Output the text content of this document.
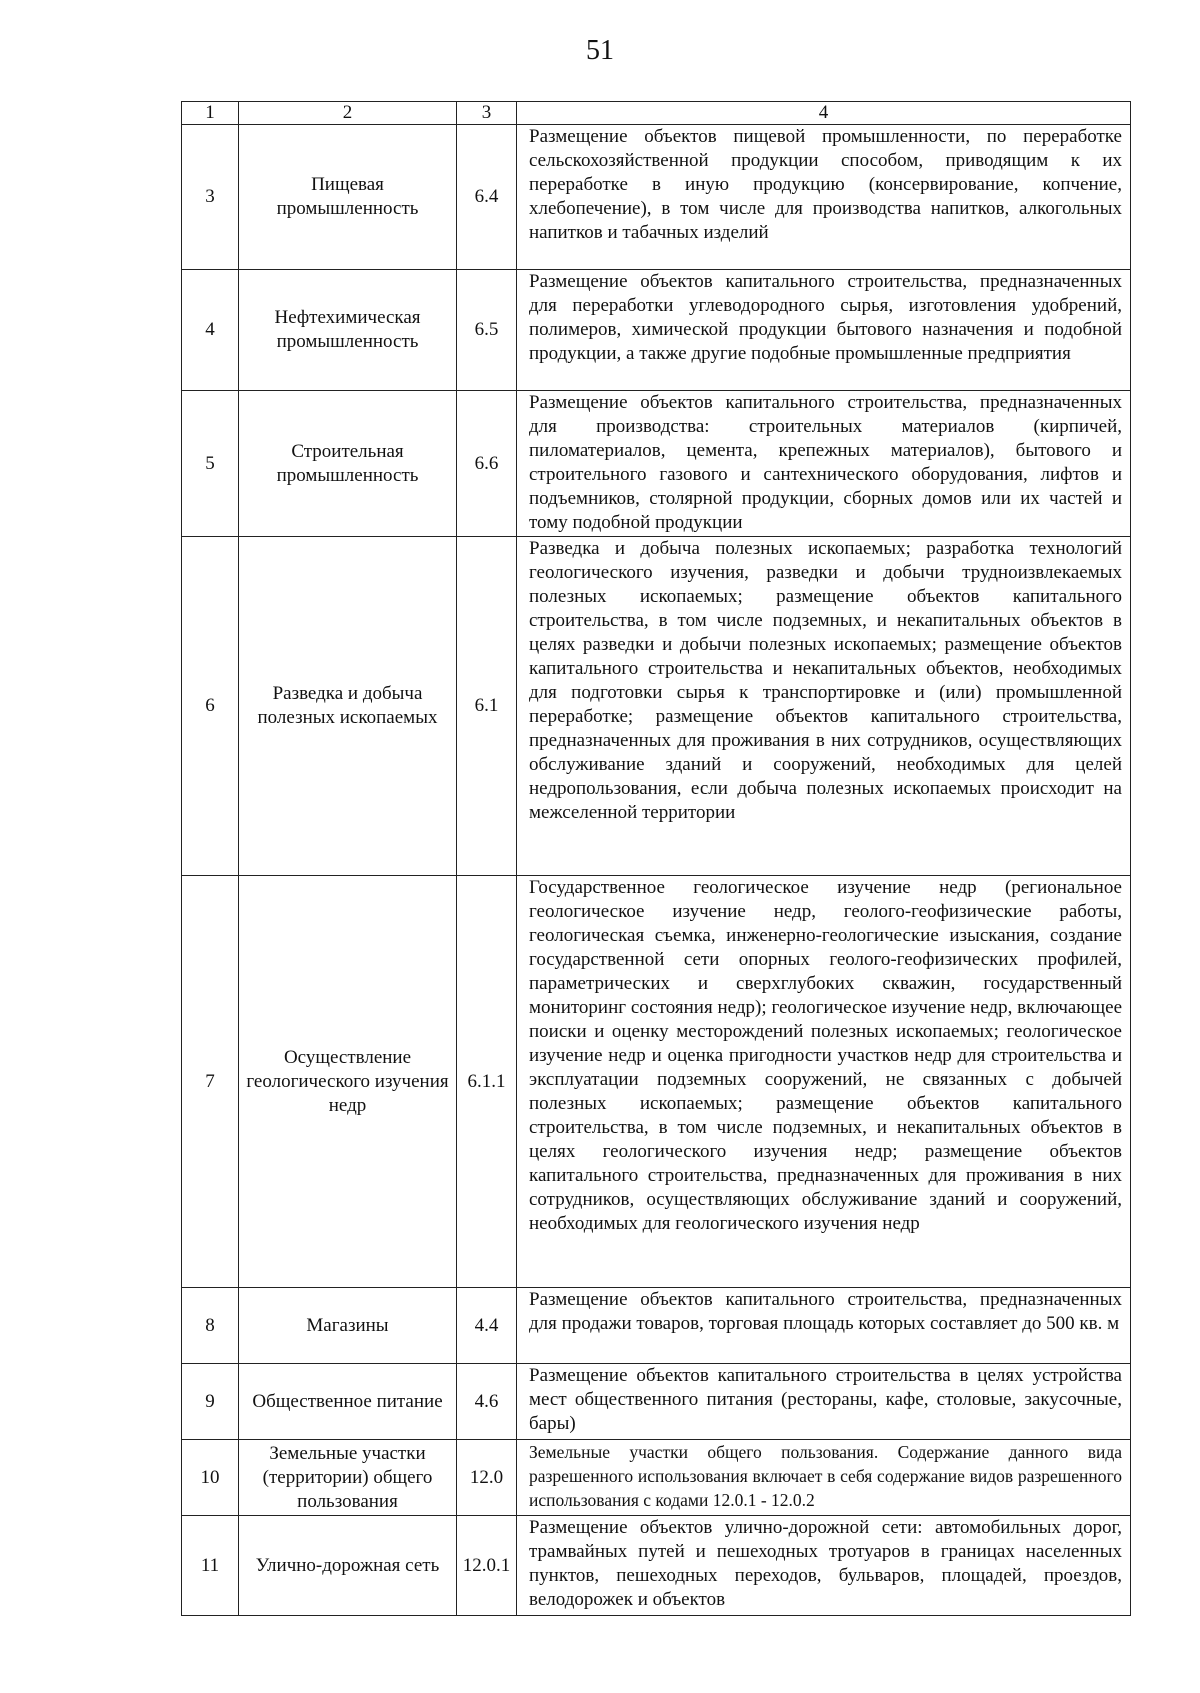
51
1	2	3	4
3	Пищевая промышленность	6.4	Размещение объектов пищевой промышленности, по переработке сельскохозяйственной продукции способом, приводящим к их переработке в иную продукцию (консервирование, копчение, хлебопечение), в том числе для производства напитков, алкогольных напитков и табачных изделий
4	Нефтехимическая промышленность	6.5	Размещение объектов капитального строительства, предназначенных для переработки углеводородного сырья, изготовления удобрений, полимеров, химической продукции бытового назначения и подобной продукции, а также другие подобные промышленные предприятия
5	Строительная промышленность	6.6	Размещение объектов капитального строительства, предназначенных для производства: строительных материалов (кирпичей, пиломатериалов, цемента, крепежных материалов), бытового и строительного газового и сантехнического оборудования, лифтов и подъемников, столярной продукции, сборных домов или их частей и тому подобной продукции
6	Разведка и добыча полезных ископаемых	6.1	Разведка и добыча полезных ископаемых; разработка технологий геологического изучения, разведки и добычи трудноизвлекаемых полезных ископаемых; размещение объектов капитального строительства, в том числе подземных, и некапитальных объектов в целях разведки и добычи полезных ископаемых; размещение объектов капитального строительства и некапитальных объектов, необходимых для подготовки сырья к транспортировке и (или) промышленной переработке; размещение объектов капитального строительства, предназначенных для проживания в них сотрудников, осуществляющих обслуживание зданий и сооружений, необходимых для целей недропользования, если добыча полезных ископаемых происходит на межселенной территории
7	Осуществление геологического изучения недр	6.1.1	Государственное геологическое изучение недр (региональное геологическое изучение недр, геолого-геофизические работы, геологическая съемка, инженерно-геологические изыскания, создание государственной сети опорных геолого-геофизических профилей, параметрических и сверхглубоких скважин, государственный мониторинг состояния недр); геологическое изучение недр, включающее поиски и оценку месторождений полезных ископаемых; геологическое изучение недр и оценка пригодности участков недр для строительства и эксплуатации подземных сооружений, не связанных с добычей полезных ископаемых; размещение объектов капитального строительства, в том числе подземных, и некапитальных объектов в целях геологического изучения недр; размещение объектов капитального строительства, предназначенных для проживания в них сотрудников, осуществляющих обслуживание зданий и сооружений, необходимых для геологического изучения недр
8	Магазины	4.4	Размещение объектов капитального строительства, предназначенных для продажи товаров, торговая площадь которых составляет до 500 кв. м
9	Общественное питание	4.6	Размещение объектов капитального строительства в целях устройства мест общественного питания (рестораны, кафе, столовые, закусочные, бары)
10	Земельные участки (территории) общего пользования	12.0	Земельные участки общего пользования. Содержание данного вида разрешенного использования включает в себя содержание видов разрешенного использования с кодами 12.0.1 - 12.0.2
11	Улично-дорожная сеть	12.0.1	Размещение объектов улично-дорожной сети: автомобильных дорог, трамвайных путей и пешеходных тротуаров в границах населенных пунктов, пешеходных переходов, бульваров, площадей, проездов, велодорожек и объектов
